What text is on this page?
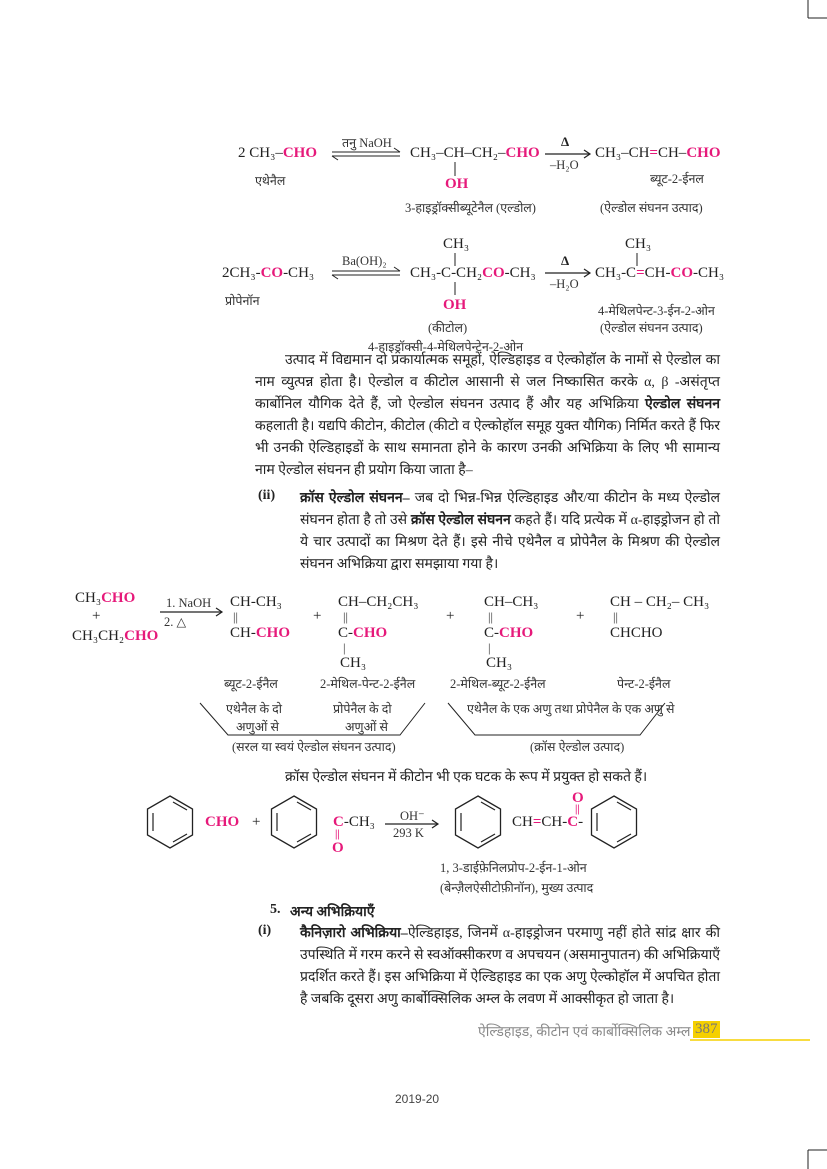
2 CH₃–CHO
एथेनैल
तनु NaOH
CH₃–CH–CH₂–CHO
OH
3-हाइड्रॉक्सीब्यूटेनैल (एल्डोल)
Δ
–H₂O
CH₃–CH=CH–CHO
ब्यूट-2-ईनल
(ऐल्डोल संघनन उत्पाद)
CH₃
2CH₃-CO-CH₃
प्रोपेनॉन
Ba(OH)₂
CH₃-C-CH₂CO-CH₃
OH
(कीटोल)
4-हाइड्रॉक्सी-4-मेथिलपेन्टेन-2-ओन
Δ
–H₂O
CH₃
CH₃-C=CH-CO-CH₃
4-मेथिलपेन्ट-3-ईन-2-ओन
(ऐल्डोल संघनन उत्पाद)
उत्पाद में विद्यमान दो प्रकार्यात्मक समूहों, ऐल्डिहाइड व ऐल्कोहॉल के नामों से ऐल्डोल का नाम व्युत्पन्न होता है। ऐल्डोल व कीटोल आसानी से जल निष्कासित करके α, β -असंतृप्त कार्बोनिल यौगिक देते हैं, जो ऐल्डोल संघनन उत्पाद हैं और यह अभिक्रिया ऐल्डोल संघनन कहलाती है। यद्यपि कीटोन, कीटोल (कीटो व ऐल्कोहॉल समूह युक्त यौगिक) निर्मित करते हैं फिर भी उनकी ऐल्डिहाइडों के साथ समानता होने के कारण उनकी अभिक्रिया के लिए भी सामान्य नाम ऐल्डोल संघनन ही प्रयोग किया जाता है–
(ii) क्रॉस ऐल्डोल संघनन– जब दो भिन्न-भिन्न ऐल्डिहाइड और/या कीटोन के मध्य ऐल्डोल संघनन होता है तो उसे क्रॉस ऐल्डोल संघनन कहते हैं। यदि प्रत्येक में α-हाइड्रोजन हो तो ये चार उत्पादों का मिश्रण देते हैं। इसे नीचे एथेनैल व प्रोपेनैल के मिश्रण की ऐल्डोल संघनन अभिक्रिया द्वारा समझाया गया है।
CH₃CHO
+
CH₃CH₂CHO
1. NaOH
2. △
CH-CH₃
||
CH-CHO
+
CH–CH₂CH₃
||
C-CHO
|
CH₃
+
CH–CH₃
||
C-CHO
|
CH₃
+
CH – CH₂– CH₃
||
CHCHO
ब्यूट-2-ईनैल	2-मेथिल-पेन्ट-2-ईनैल	2-मेथिल-ब्यूट-2-ईनैल	पेन्ट-2-ईनैल
एथेनैल के दो
अणुओं से
प्रोपेनैल के दो
अणुओं से
एथेनैल के एक अणु तथा प्रोपेनैल के एक अणु से
(सरल या स्वयं ऐल्डोल संघनन उत्पाद)	(क्रॉस ऐल्डोल उत्पाद)
क्रॉस ऐल्डोल संघनन में कीटोन भी एक घटक के रूप में प्रयुक्त हो सकते हैं।
CHO +	C-CH₃
||
O
OH⁻
293 K
CH=CH-C-
O
||
1, 3-डाईफ़ेनिलप्रोप-2-ईन-1-ओन
(बेन्ज़ैलऐसीटोफ़ीनॉन), मुख्य उत्पाद
5. अन्य अभिक्रियाएँ
(i) कैनिज़ारो अभिक्रिया–ऐल्डिहाइड, जिनमें α-हाइड्रोजन परमाणु नहीं होते सांद्र क्षार की उपस्थिति में गरम करने से स्वऑक्सीकरण व अपचयन (असमानुपातन) की अभिक्रियाएँ प्रदर्शित करते हैं। इस अभिक्रिया में ऐल्डिहाइड का एक अणु ऐल्कोहॉल में अपचित होता है जबकि दूसरा अणु कार्बोक्सिलिक अम्ल के लवण में आक्सीकृत हो जाता है।
ऐल्डिहाइड, कीटोन एवं कार्बोक्सिलिक अम्ल 387
2019-20
